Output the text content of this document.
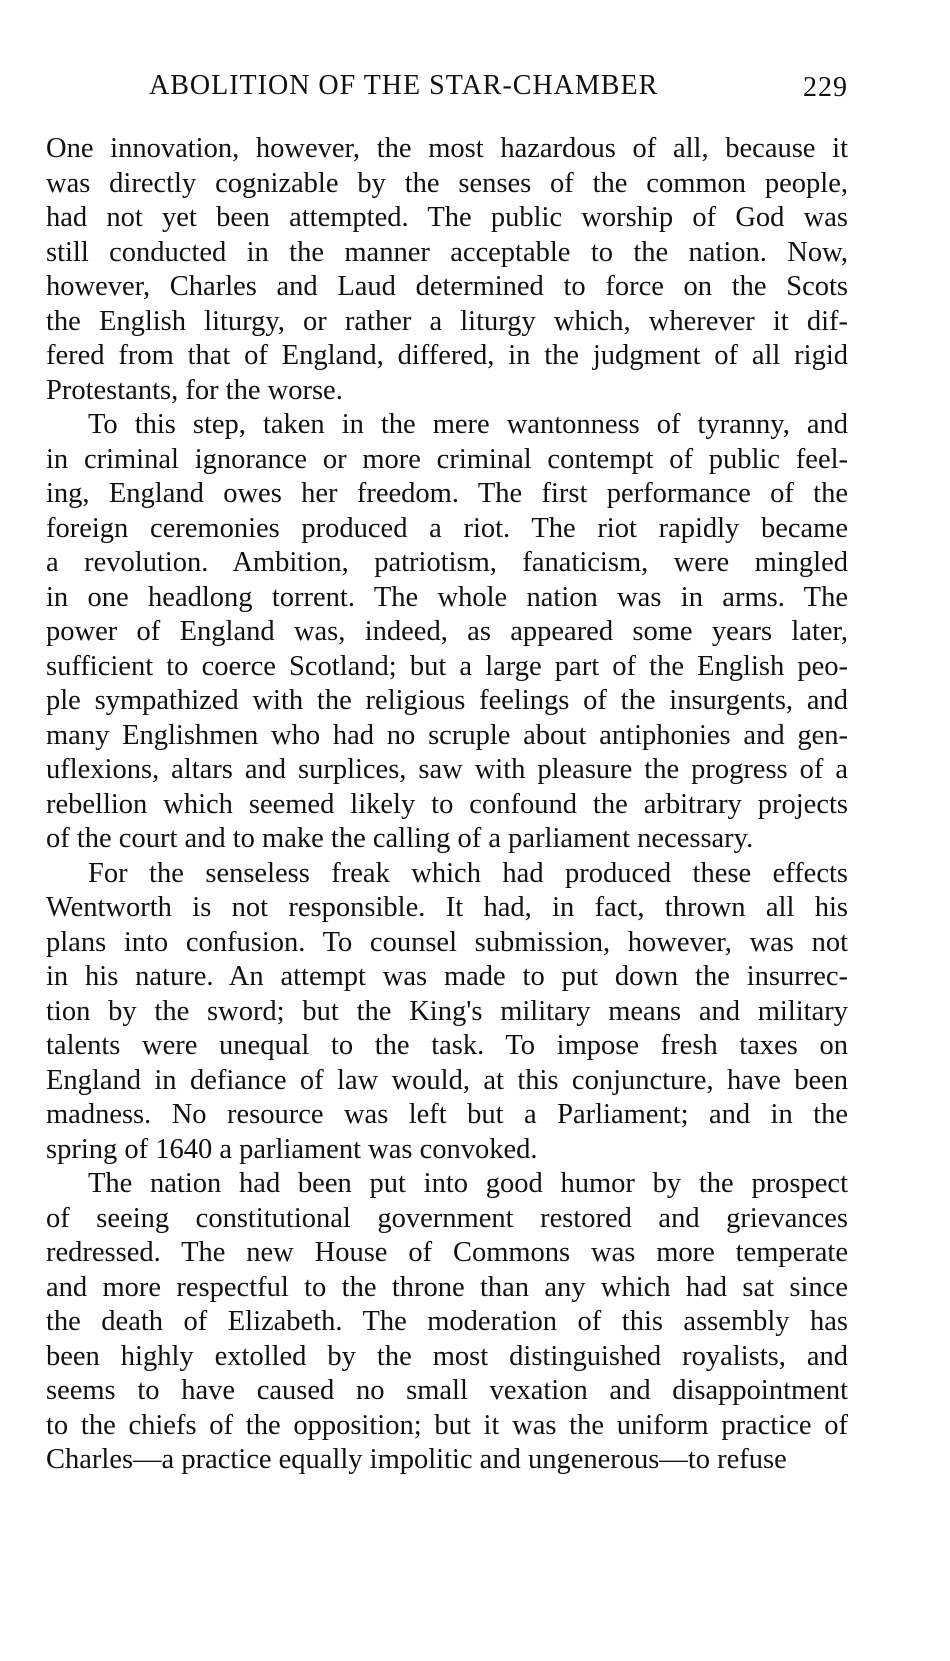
ABOLITION OF THE STAR-CHAMBER	229
One innovation, however, the most hazardous of all, because it
was directly cognizable by the senses of the common people,
had not yet been attempted. The public worship of God was
still conducted in the manner acceptable to the nation. Now,
however, Charles and Laud determined to force on the Scots
the English liturgy, or rather a liturgy which, wherever it dif-
fered from that of England, differed, in the judgment of all rigid
Protestants, for the worse.
To this step, taken in the mere wantonness of tyranny, and
in criminal ignorance or more criminal contempt of public feel-
ing, England owes her freedom. The first performance of the
foreign ceremonies produced a riot. The riot rapidly became
a revolution. Ambition, patriotism, fanaticism, were mingled
in one headlong torrent. The whole nation was in arms. The
power of England was, indeed, as appeared some years later,
sufficient to coerce Scotland; but a large part of the English peo-
ple sympathized with the religious feelings of the insurgents, and
many Englishmen who had no scruple about antiphonies and gen-
uflexions, altars and surplices, saw with pleasure the progress of a
rebellion which seemed likely to confound the arbitrary projects
of the court and to make the calling of a parliament necessary.
For the senseless freak which had produced these effects
Wentworth is not responsible. It had, in fact, thrown all his
plans into confusion. To counsel submission, however, was not
in his nature. An attempt was made to put down the insurrec-
tion by the sword; but the King's military means and military
talents were unequal to the task. To impose fresh taxes on
England in defiance of law would, at this conjuncture, have been
madness. No resource was left but a Parliament; and in the
spring of 1640 a parliament was convoked.
The nation had been put into good humor by the prospect
of seeing constitutional government restored and grievances
redressed. The new House of Commons was more temperate
and more respectful to the throne than any which had sat since
the death of Elizabeth. The moderation of this assembly has
been highly extolled by the most distinguished royalists, and
seems to have caused no small vexation and disappointment
to the chiefs of the opposition; but it was the uniform practice of
Charles—a practice equally impolitic and ungenerous—to refuse
